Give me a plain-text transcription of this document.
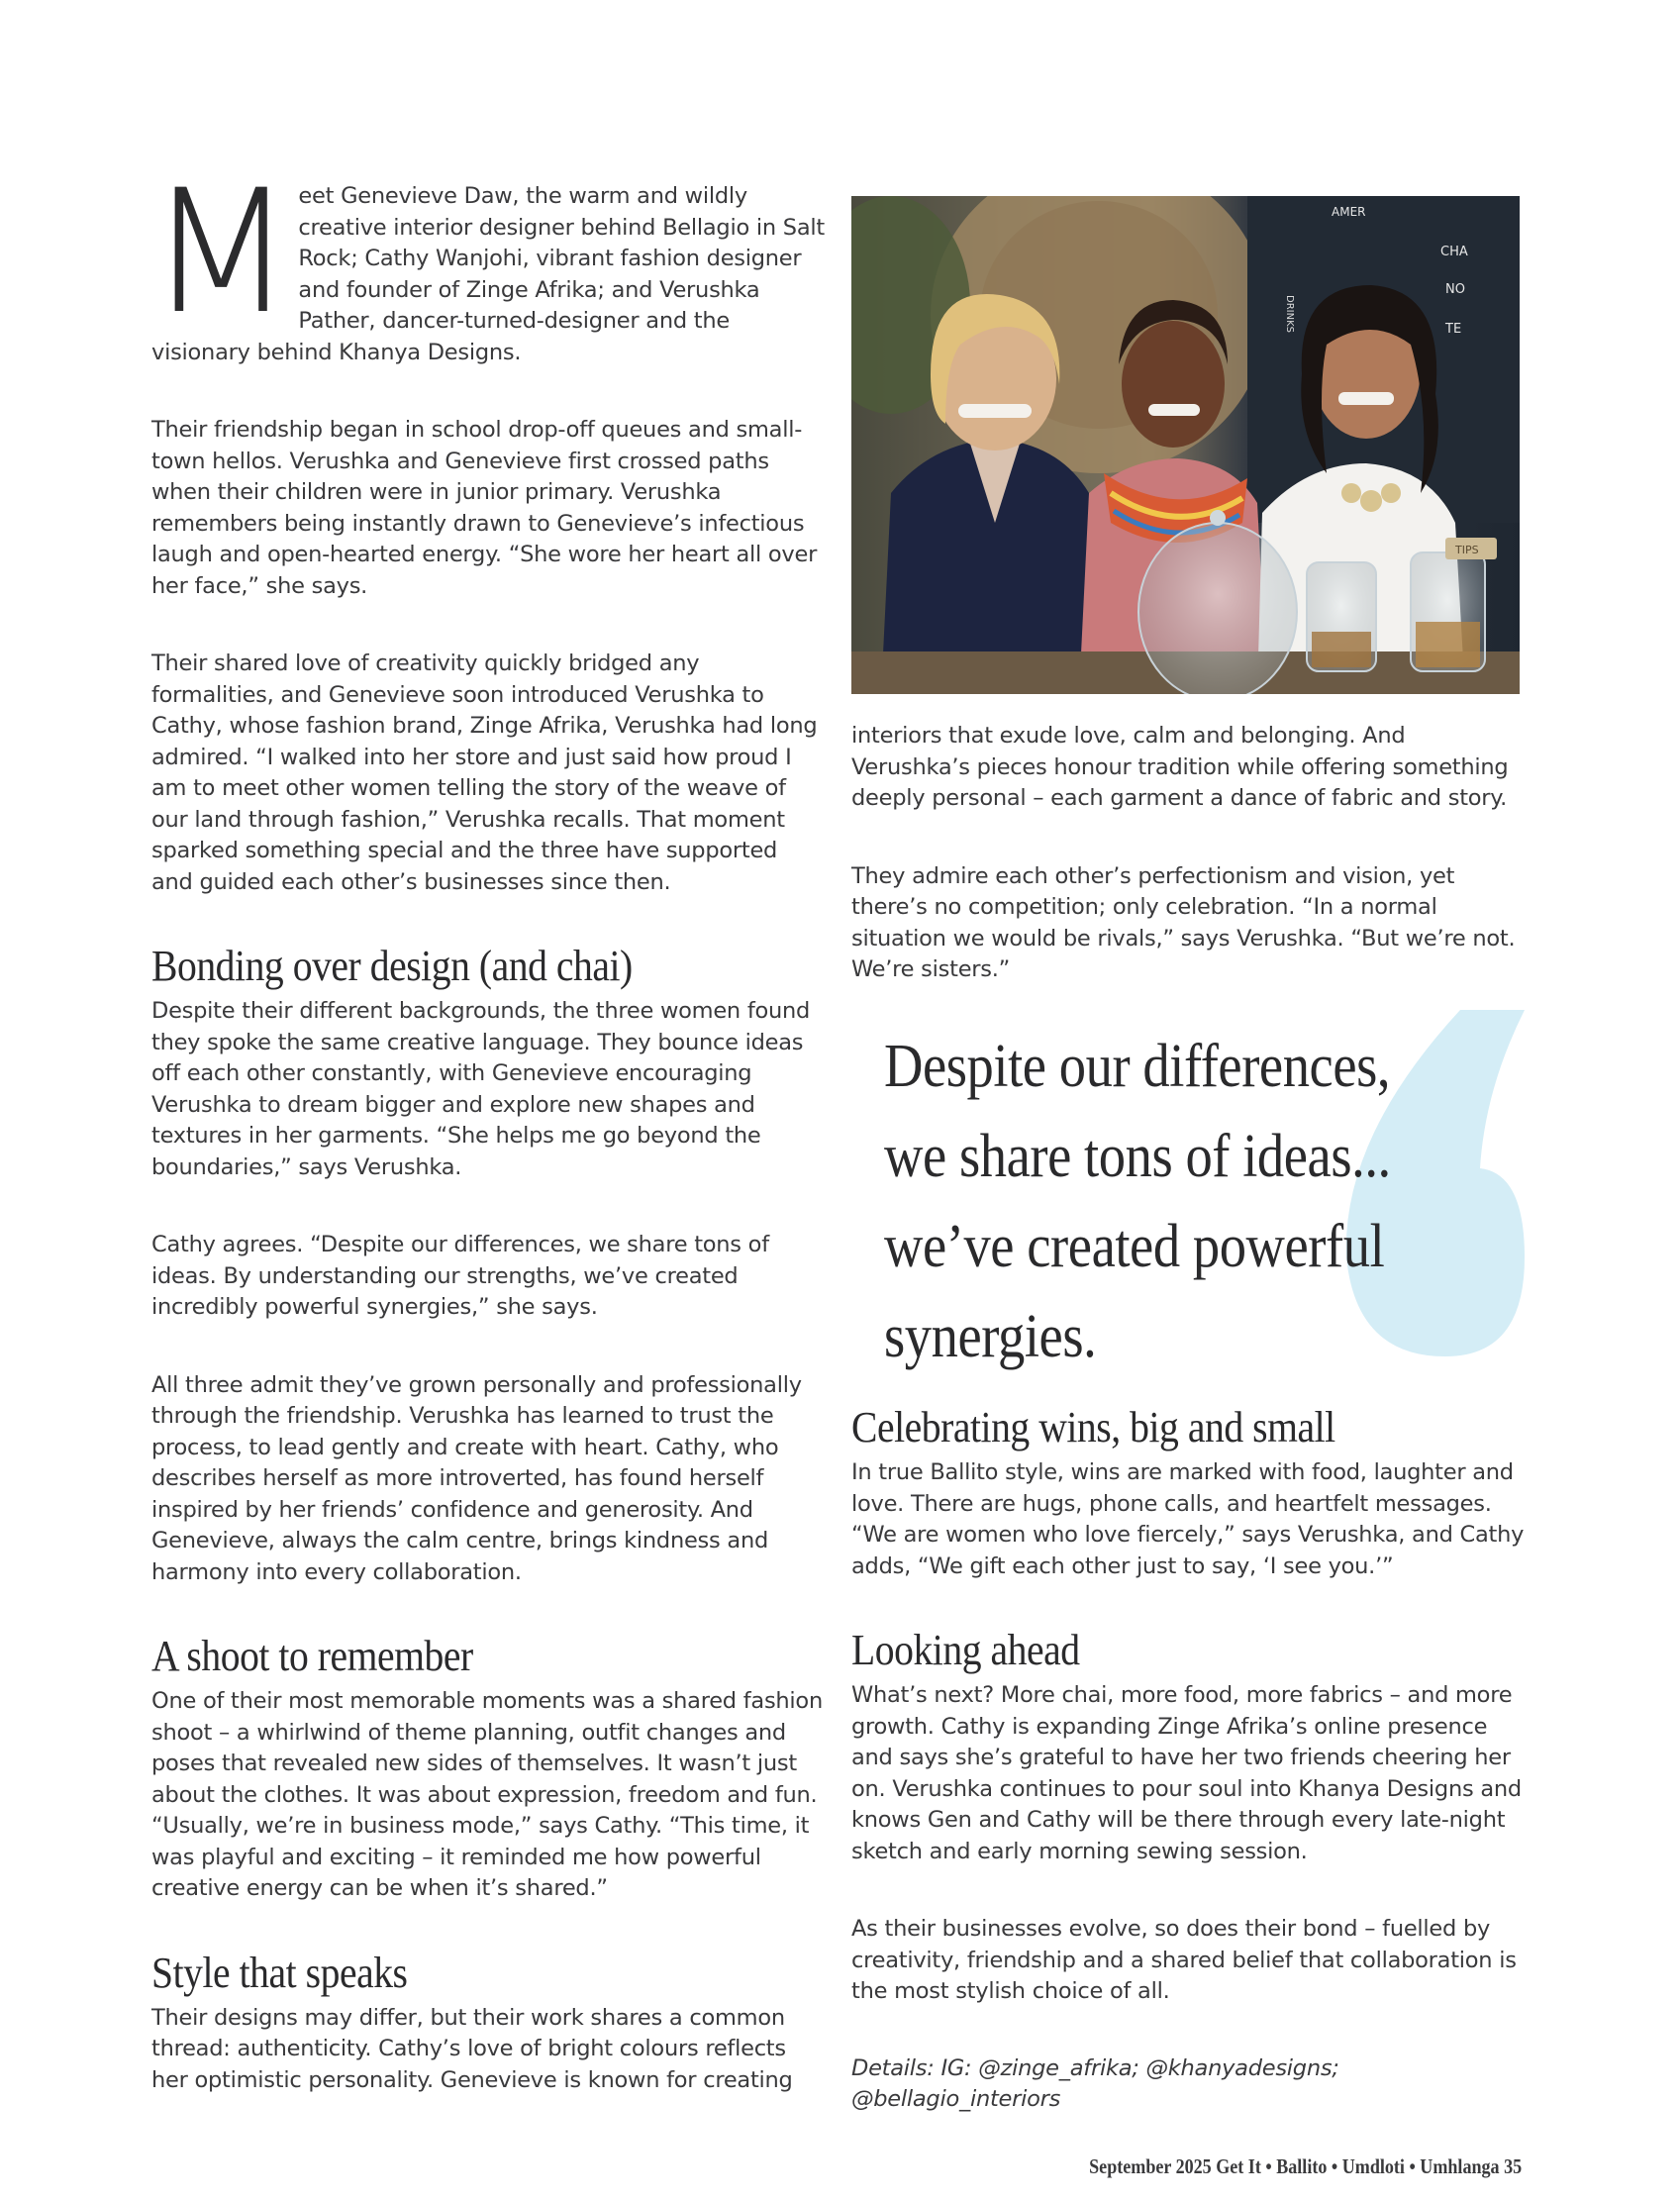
M eet Genevieve Daw, the warm and wildly creative interior designer behind Bellagio in Salt Rock; Cathy Wanjohi, vibrant fashion designer and founder of Zinge Afrika; and Verushka Pather, dancer-turned-designer and the visionary behind Khanya Designs.

Their friendship began in school drop-off queues and small-town hellos. Verushka and Genevieve first crossed paths when their children were in junior primary. Verushka remembers being instantly drawn to Genevieve’s infectious laugh and open-hearted energy. “She wore her heart all over her face,” she says.

Their shared love of creativity quickly bridged any formalities, and Genevieve soon introduced Verushka to Cathy, whose fashion brand, Zinge Afrika, Verushka had long admired. “I walked into her store and just said how proud I am to meet other women telling the story of the weave of our land through fashion,” Verushka recalls. That moment sparked something special and the three have supported and guided each other’s businesses since then.

Bonding over design (and chai)

Despite their different backgrounds, the three women found they spoke the same creative language. They bounce ideas off each other constantly, with Genevieve encouraging Verushka to dream bigger and explore new shapes and textures in her garments. “She helps me go beyond the boundaries,” says Verushka.

Cathy agrees. “Despite our differences, we share tons of ideas. By understanding our strengths, we’ve created incredibly powerful synergies,” she says.

All three admit they’ve grown personally and professionally through the friendship. Verushka has learned to trust the process, to lead gently and create with heart. Cathy, who describes herself as more introverted, has found herself inspired by her friends’ confidence and generosity. And Genevieve, always the calm centre, brings kindness and harmony into every collaboration.

A shoot to remember

One of their most memorable moments was a shared fashion shoot – a whirlwind of theme planning, outfit changes and poses that revealed new sides of themselves. It wasn’t just about the clothes. It was about expression, freedom and fun. “Usually, we’re in business mode,” says Cathy. “This time, it was playful and exciting – it reminded me how powerful creative energy can be when it’s shared.”

Style that speaks

Their designs may differ, but their work shares a common thread: authenticity. Cathy’s love of bright colours reflects her optimistic personality. Genevieve is known for creating

AMER
CHA
NO
TE
DRINKS
TIPS

interiors that exude love, calm and belonging. And Verushka’s pieces honour tradition while offering something deeply personal – each garment a dance of fabric and story.

They admire each other’s perfectionism and vision, yet there’s no competition; only celebration. “In a normal situation we would be rivals,” says Verushka. “But we’re not. We’re sisters.”

Despite our differences, we share tons of ideas... we’ve created powerful synergies.
Celebrating wins, big and small

In true Ballito style, wins are marked with food, laughter and love. There are hugs, phone calls, and heartfelt messages. “We are women who love fiercely,” says Verushka, and Cathy adds, “We gift each other just to say, ‘I see you.’”

Looking ahead

What’s next? More chai, more food, more fabrics – and more growth. Cathy is expanding Zinge Afrika’s online presence and says she’s grateful to have her two friends cheering her on. Verushka continues to pour soul into Khanya Designs and knows Gen and Cathy will be there through every late-night sketch and early morning sewing session.

As their businesses evolve, so does their bond – fuelled by creativity, friendship and a shared belief that collaboration is the most stylish choice of all.

Details: IG: @zinge_afrika; @khanyadesigns; @bellagio_interiors

September 2025 Get It • Ballito • Umdloti • Umhlanga 35
